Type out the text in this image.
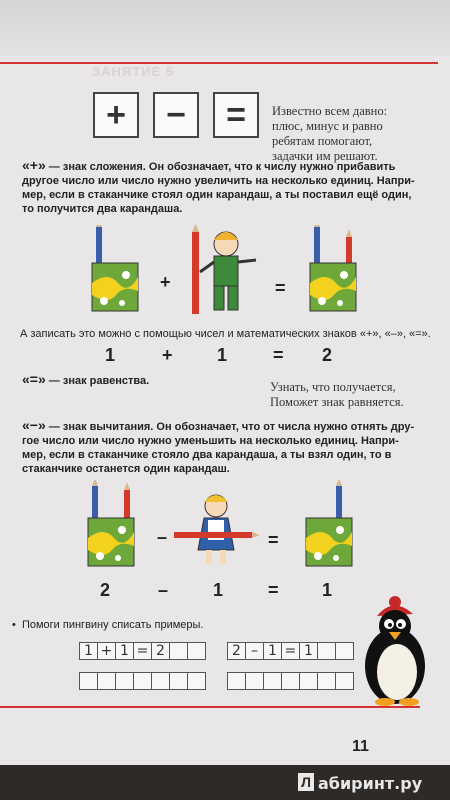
ЗАНЯТИЕ 5
+	−	=	Известно всем давно:
плюс, минус и равно
ребятам помогают,
задачки им решают.
«+» — знак сложения. Он обозначает, что к числу нужно прибавить
другое число или число нужно увеличить на несколько единиц. Напри-
мер, если в стаканчике стоял один карандаш, а ты поставил ещё один,
то получится два карандаша.
+	=
А записать это можно с помощью чисел и математических знаков «+», «–», «=».
1	+ 1	= 2
«=» — знак равенства.	Узнать, что получается,
Поможет знак равняется.
«−» — знак вычитания. Он обозначает, что от числа нужно отнять дру-
гое число или число нужно уменьшить на несколько единиц. Напри-
мер, если в стаканчике стояло два карандаша, а ты взял один, то в
стаканчике останется один карандаш.
–	=
2	– 1 = 1
•  Помоги пингвину списать примеры.
1 + 1 = 2	2 – 1 = 1
11
Л абиринт.ру
